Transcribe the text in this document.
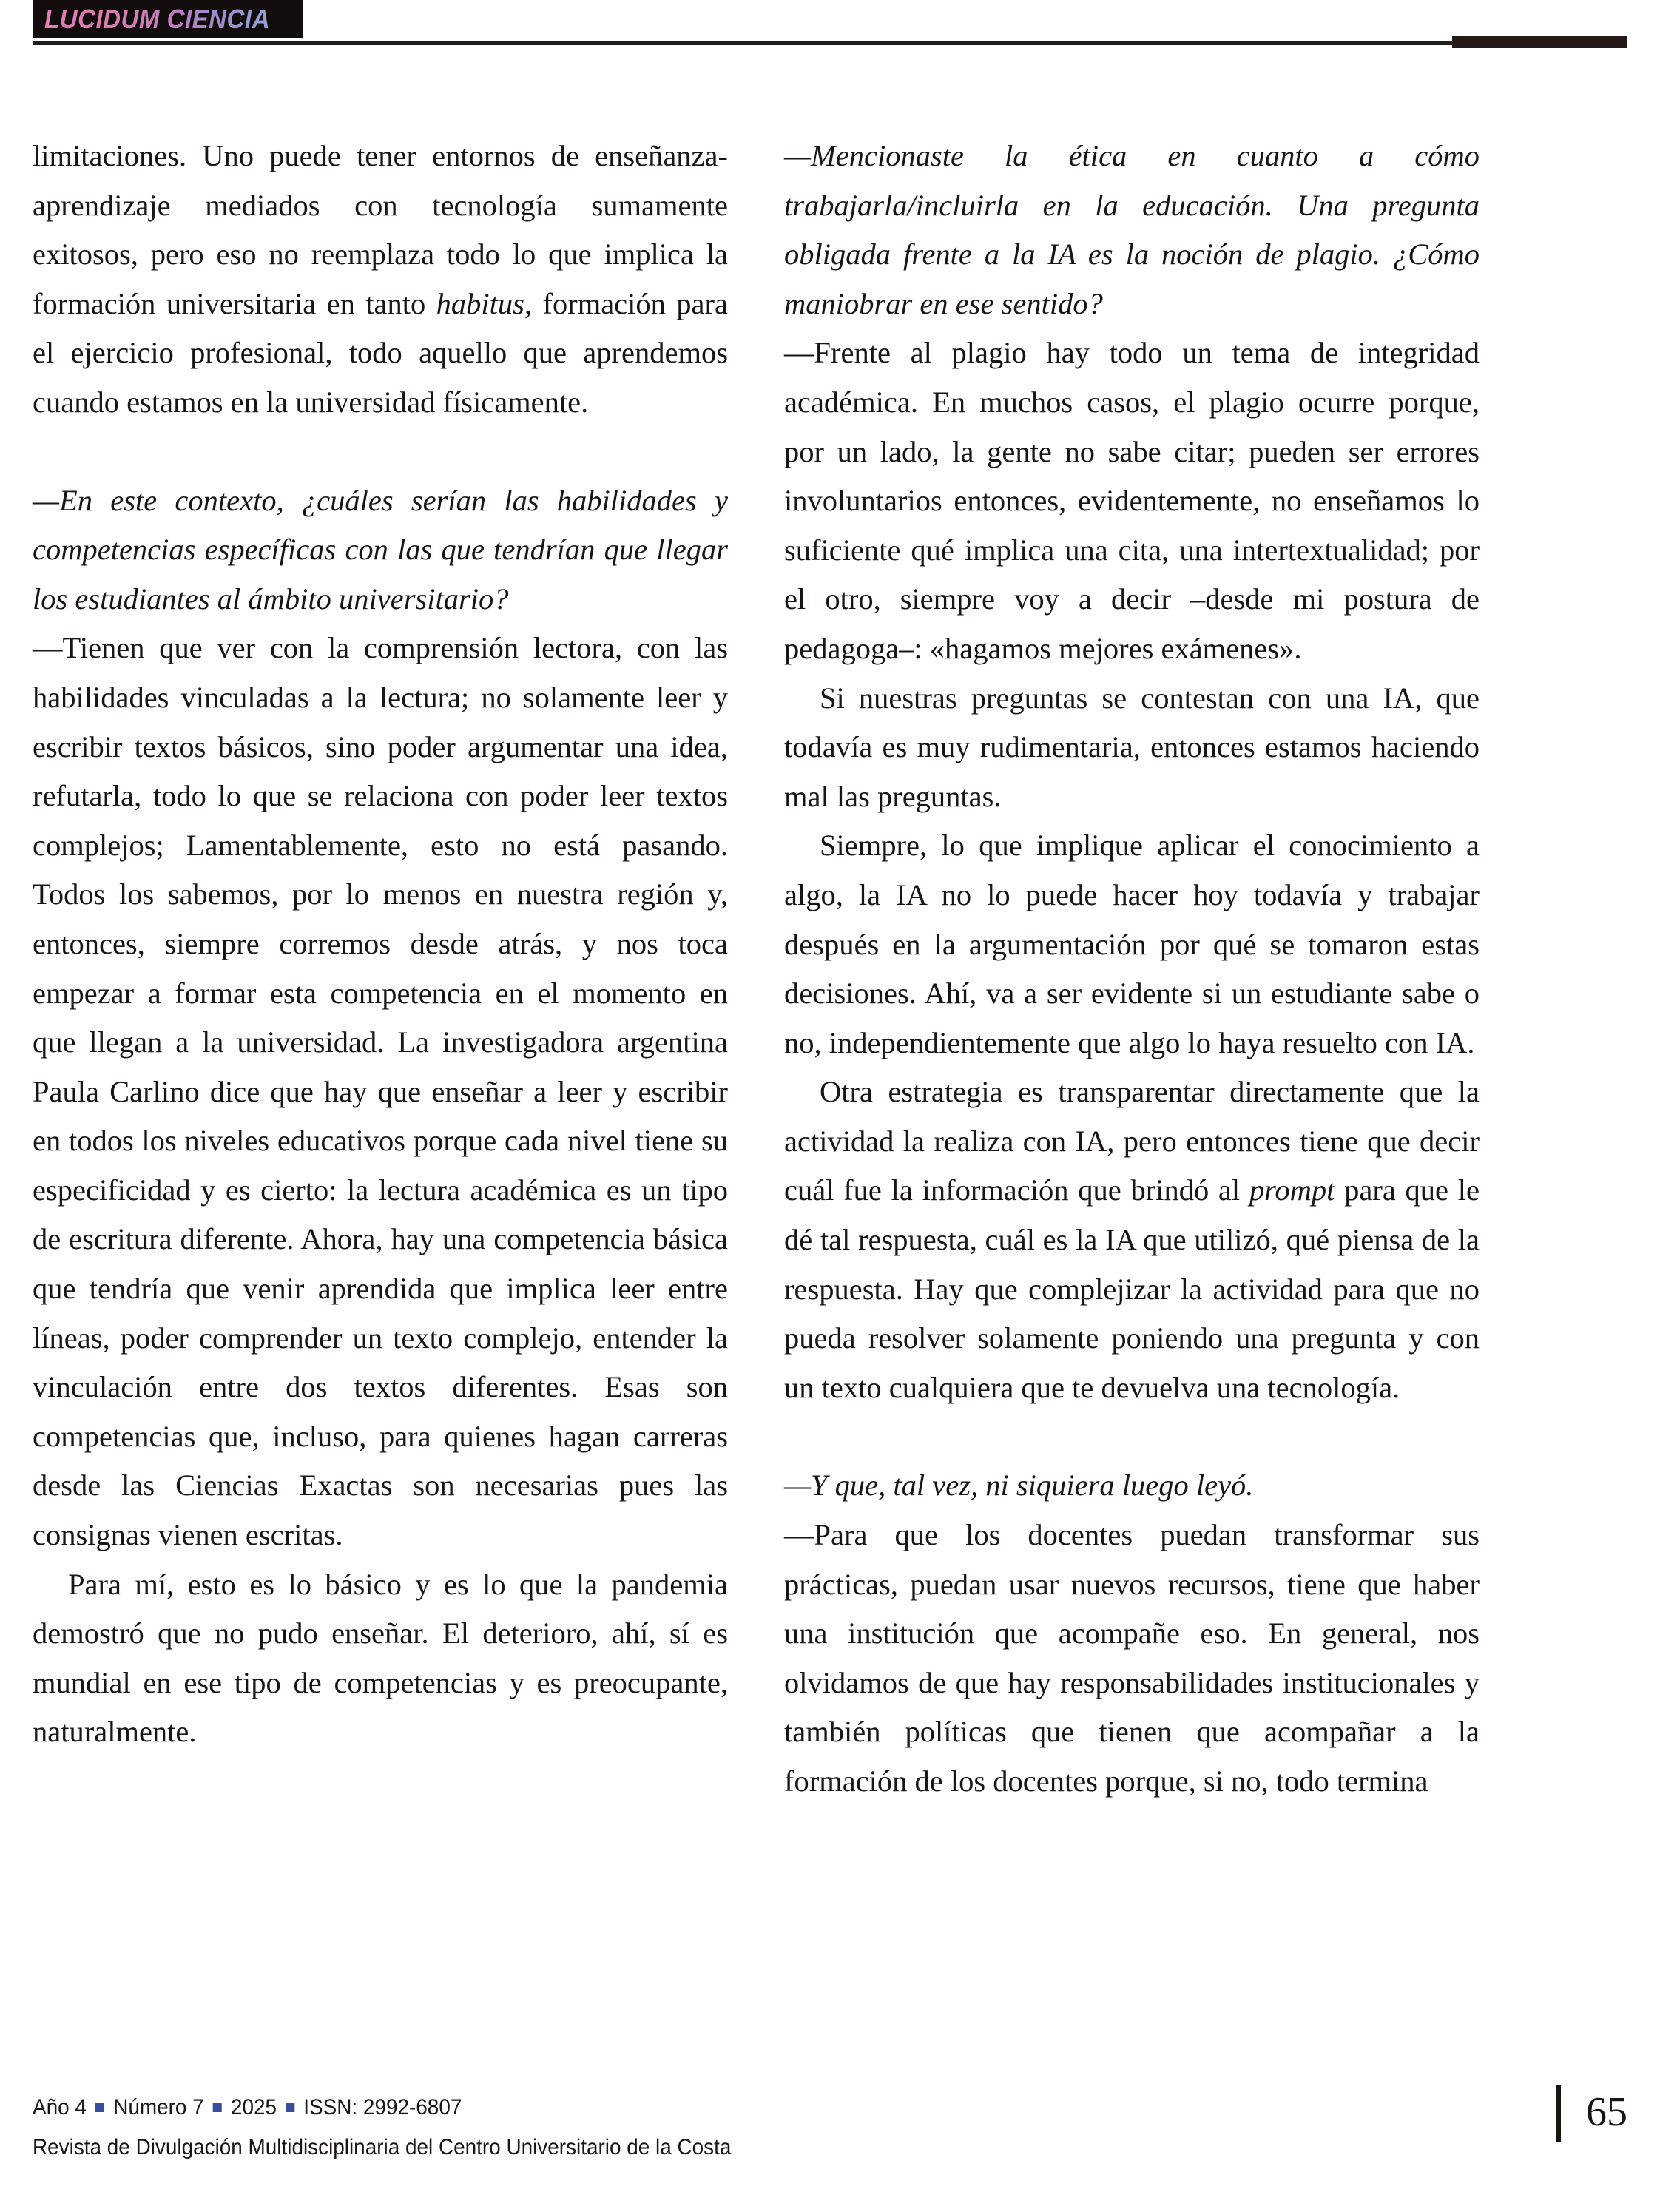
LUCIDUM CIENCIA

limitaciones. Uno puede tener entornos de enseñanza-aprendizaje mediados con tecnología sumamente exitosos, pero eso no reemplaza todo lo que implica la formación universitaria en tanto habitus, formación para el ejercicio profesional, todo aquello que aprendemos cuando estamos en la universidad físicamente.

—En este contexto, ¿cuáles serían las habilidades y competencias específicas con las que tendrían que llegar los estudiantes al ámbito universitario?

—Tienen que ver con la comprensión lectora, con las habilidades vinculadas a la lectura; no solamente leer y escribir textos básicos, sino poder argumentar una idea, refutarla, todo lo que se relaciona con poder leer textos complejos; Lamentablemente, esto no está pasando. Todos los sabemos, por lo menos en nuestra región y, entonces, siempre corremos desde atrás, y nos toca empezar a formar esta competencia en el momento en que llegan a la universidad. La investigadora argentina Paula Carlino dice que hay que enseñar a leer y escribir en todos los niveles educativos porque cada nivel tiene su especificidad y es cierto: la lectura académica es un tipo de escritura diferente. Ahora, hay una competencia básica que tendría que venir aprendida que implica leer entre líneas, poder comprender un texto complejo, entender la vinculación entre dos textos diferentes. Esas son competencias que, incluso, para quienes hagan carreras desde las Ciencias Exactas son necesarias pues las consignas vienen escritas.

Para mí, esto es lo básico y es lo que la pandemia demostró que no pudo enseñar. El deterioro, ahí, sí es mundial en ese tipo de competencias y es preocupante, naturalmente.

—Mencionaste la ética en cuanto a cómo trabajarla/incluirla en la educación. Una pregunta obligada frente a la IA es la noción de plagio. ¿Cómo maniobrar en ese sentido?

—Frente al plagio hay todo un tema de integridad académica. En muchos casos, el plagio ocurre porque, por un lado, la gente no sabe citar; pueden ser errores involuntarios entonces, evidentemente, no enseñamos lo suficiente qué implica una cita, una intertextualidad; por el otro, siempre voy a decir –desde mi postura de pedagoga–: «hagamos mejores exámenes».

Si nuestras preguntas se contestan con una IA, que todavía es muy rudimentaria, entonces estamos haciendo mal las preguntas.

Siempre, lo que implique aplicar el conocimiento a algo, la IA no lo puede hacer hoy todavía y trabajar después en la argumentación por qué se tomaron estas decisiones. Ahí, va a ser evidente si un estudiante sabe o no, independientemente que algo lo haya resuelto con IA.

Otra estrategia es transparentar directamente que la actividad la realiza con IA, pero entonces tiene que decir cuál fue la información que brindó al prompt para que le dé tal respuesta, cuál es la IA que utilizó, qué piensa de la respuesta. Hay que complejizar la actividad para que no pueda resolver solamente poniendo una pregunta y con un texto cualquiera que te devuelva una tecnología.

—Y que, tal vez, ni siquiera luego leyó.

—Para que los docentes puedan transformar sus prácticas, puedan usar nuevos recursos, tiene que haber una institución que acompañe eso. En general, nos olvidamos de que hay responsabilidades institucionales y también políticas que tienen que acompañar a la formación de los docentes porque, si no, todo termina

Año 4 Número 7 2025 ISSN: 2992-6807
Revista de Divulgación Multidisciplinaria del Centro Universitario de la Costa
65
